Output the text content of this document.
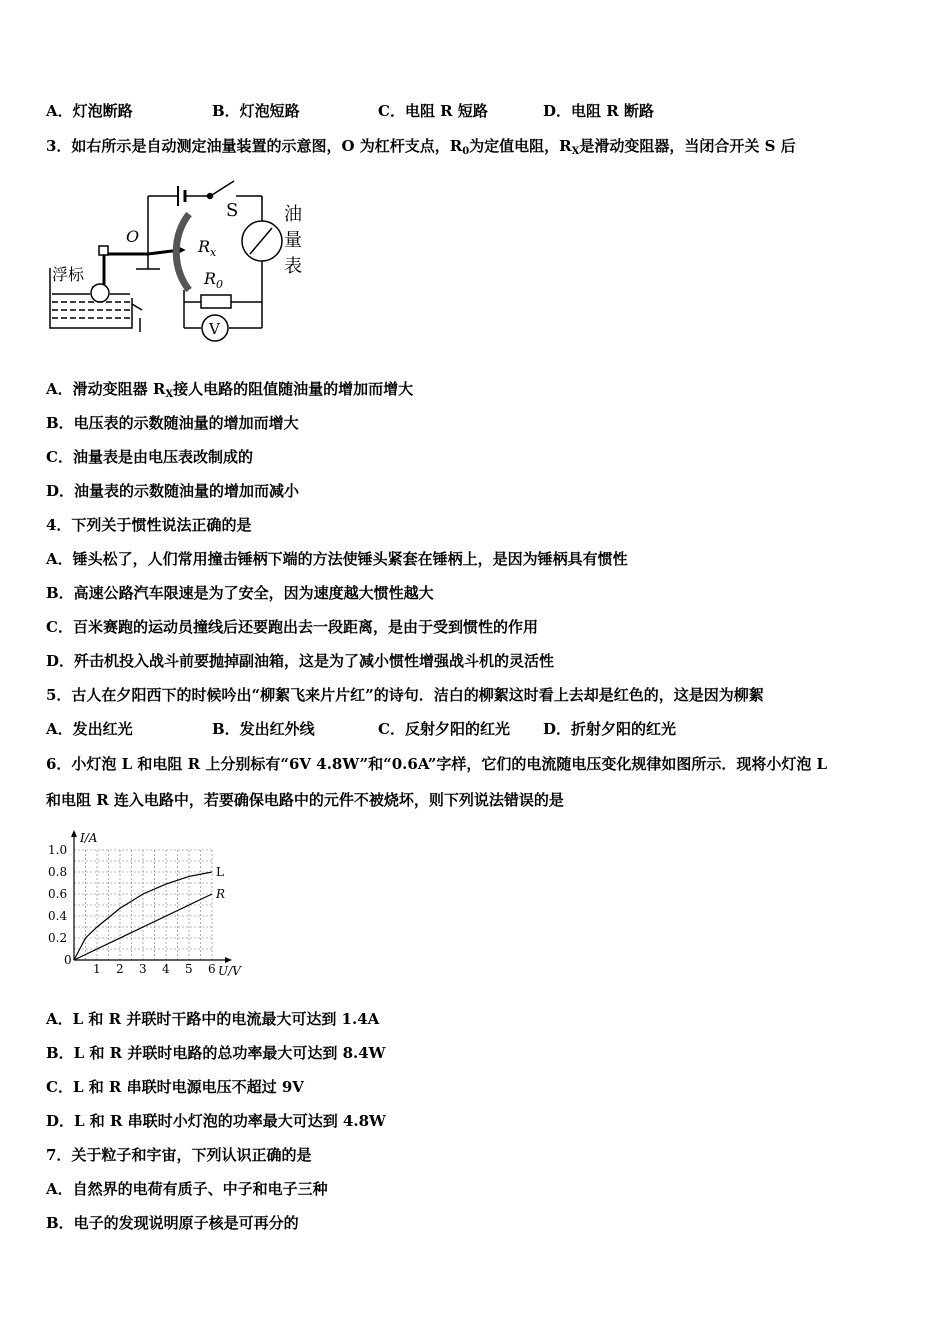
A．灯泡断路	B．灯泡短路	C．电阻 R 短路	D．电阻 R 断路
3．如右所示是自动测定油量装置的示意图，O 为杠杆支点，$R_0$为定值电阻，$R_X$是滑动变阻器，当闭合开关 S 后
S
O
$R_x$
$R_0$
V
浮标
油
量
表
A．滑动变阻器 $R_X$接人电路的阻值随油量的增加而增大
B．电压表的示数随油量的增加而增大
C．油量表是由电压表改制成的
D．油量表的示数随油量的增加而减小
4．下列关于惯性说法正确的是
A．锤头松了，人们常用撞击锤柄下端的方法使锤头紧套在锤柄上，是因为锤柄具有惯性
B．高速公路汽车限速是为了安全，因为速度越大惯性越大
C．百米赛跑的运动员撞线后还要跑出去一段距离，是由于受到惯性的作用
D．歼击机投入战斗前要抛掉副油箱，这是为了减小惯性增强战斗机的灵活性
5．古人在夕阳西下的时候吟出“柳絮飞来片片红”的诗句．洁白的柳絮这时看上去却是红色的，这是因为柳絮
A．发出红光	B．发出红外线	C．反射夕阳的红光 D．折射夕阳的红光
6．小灯泡 L 和电阻 R 上分别标有“6V 4.8W”和“0.6A”字样，它们的电流随电压变化规律如图所示．现将小灯泡 L
和电阻 R 连入电路中，若要确保电路中的元件不被烧坏，则下列说法错误的是
1 2 3 4 5 6
0.2
0.4
0.6
0.8
1.0
0
U/V
I/A
L
R
A．L 和 R 并联时干路中的电流最大可达到 1.4A
B．L 和 R 并联时电路的总功率最大可达到 8.4W
C．L 和 R 串联时电源电压不超过 9V
D．L 和 R 串联时小灯泡的功率最大可达到 4.8W
7．关于粒子和宇宙，下列认识正确的是
A．自然界的电荷有质子、中子和电子三种
B．电子的发现说明原子核是可再分的
